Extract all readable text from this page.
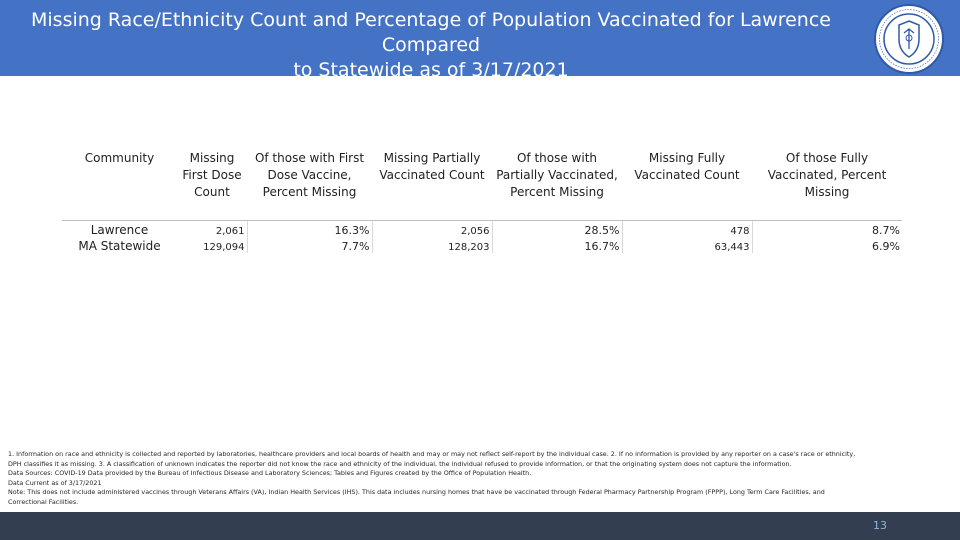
Missing Race/Ethnicity Count and Percentage of Population Vaccinated for Lawrence Compared
to Statewide as of 3/17/2021
Community	Missing First Dose Count	Of those with First Dose Vaccine, Percent Missing	Missing Partially Vaccinated Count	Of those with Partially Vaccinated, Percent Missing	Missing Fully Vaccinated Count	Of those Fully Vaccinated, Percent Missing
Lawrence	2,061	16.3%	2,056	28.5%	478	8.7%
MA Statewide	129,094	7.7%	128,203	16.7%	63,443	6.9%

1. Information on race and ethnicity is collected and reported by laboratories, healthcare providers and local boards of health and may or may not reflect self-report by the individual case. 2. If no information is provided by any reporter on a case's race or ethnicity,

DPH classifies it as missing. 3. A classification of unknown indicates the reporter did not know the race and ethnicity of the individual, the individual refused to provide information, or that the originating system does not capture the information.

Data Sources: COVID-19 Data provided by the Bureau of Infectious Disease and Laboratory Sciences; Tables and Figures created by the Office of Population Health.

Data Current as of 3/17/2021

Note: This does not include administered vaccines through Veterans Affairs (VA), Indian Health Services (IHS). This data includes nursing homes that have be vaccinated through Federal Pharmacy Partnership Program (FPPP), Long Term Care Facilities, and

Correctional Facilities.

13
